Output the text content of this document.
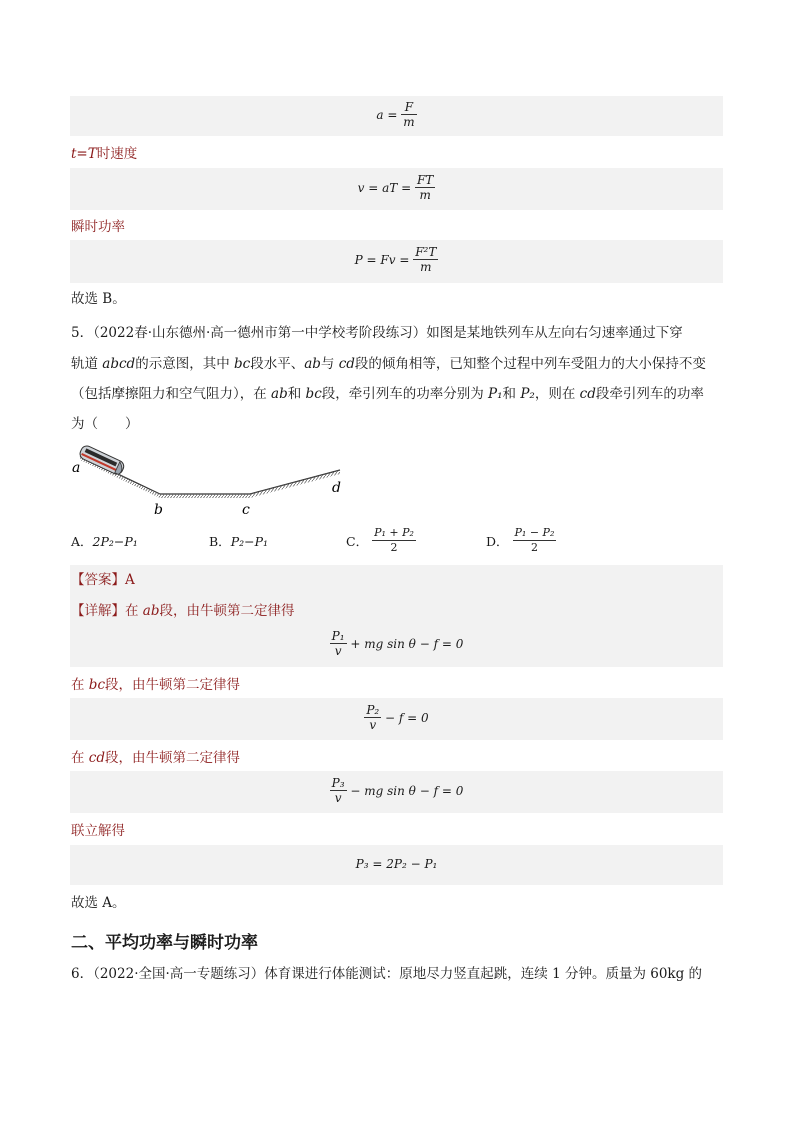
$a = \frac{F}{m}$
t=T时速度
v = aT = $\frac{FT}{m}$
瞬时功率
$P = Fv = \frac{\text{F²T}}{m}$
故选 B。
5．（2022春·山东德州·高一德州市第一中学校考阶段练习）如图是某地铁列车从左向右匀速率通过下穿
轨道 abcd的示意图，其中 bc段水平、ab与 cd段的倾角相等，已知整个过程中列车受阻力的大小保持不变
（包括摩擦阻力和空气阻力），在 ab和 bc段，牵引列车的功率分别为 P₁和 P₂，则在 cd段牵引列车的功率
为（　　）
a
b	c
d
A．2P₂−P₁	B．P₂−P₁	C． $\frac{\text{P₁ + P₂}}{2}$	D． $\frac{\text{P₁ − P₂}}{2}$
【答案】A
【详解】在 ab段，由牛顿第二定律得
$\frac{\text{P₁}}{v}$ + mg sin θ − f = 0
在 bc段，由牛顿第二定律得
$\frac{\text{P₂}}{v} - f = 0$
在 cd段，由牛顿第二定律得
$\frac{\text{P₃}}{v}$ − mg sin θ − f = 0
联立解得
P₃ = 2P₂ − P₁
故选 A。
二、平均功率与瞬时功率
6．（2022·全国·高一专题练习）体育课进行体能测试：原地尽力竖直起跳，连续 1 分钟。质量为 60kg 的
